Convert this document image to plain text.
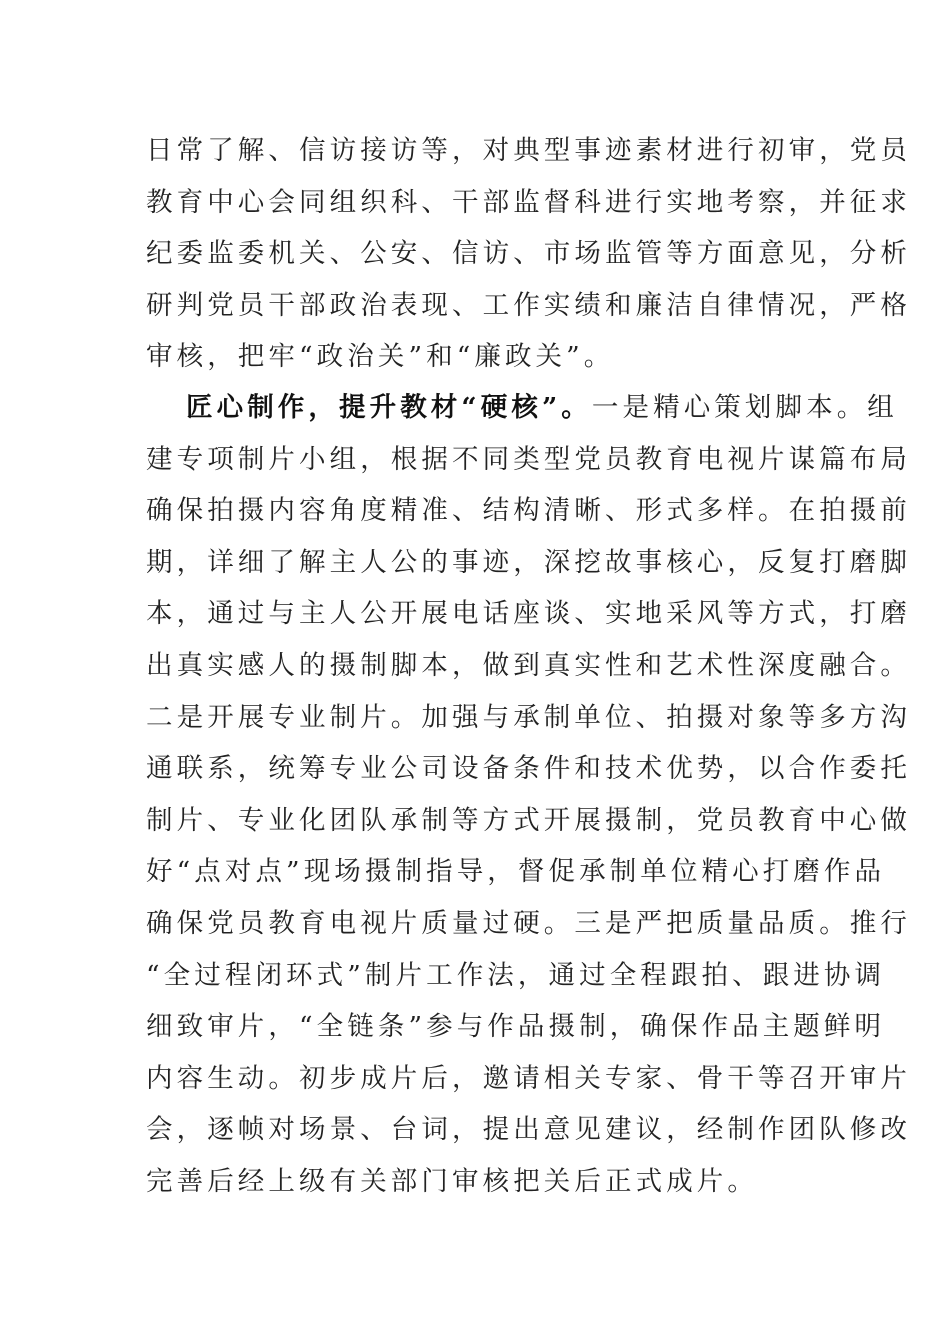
日常了解、信访接访等，对典型事迹素材进行初审，党员
教育中心会同组织科、干部监督科进行实地考察，并征求
纪委监委机关、公安、信访、市场监管等方面意见，分析
研判党员干部政治表现、工作实绩和廉洁自律情况，严格
审核，把牢“政治关”和“廉政关”。
匠心制作，提升教材“硬核”。一是精心策划脚本。组
建专项制片小组，根据不同类型党员教育电视片谋篇布局
确保拍摄内容角度精准、结构清晰、形式多样。在拍摄前
期，详细了解主人公的事迹，深挖故事核心，反复打磨脚
本，通过与主人公开展电话座谈、实地采风等方式，打磨
出真实感人的摄制脚本，做到真实性和艺术性深度融合。
二是开展专业制片。加强与承制单位、拍摄对象等多方沟
通联系，统筹专业公司设备条件和技术优势，以合作委托
制片、专业化团队承制等方式开展摄制，党员教育中心做
好“点对点”现场摄制指导，督促承制单位精心打磨作品
确保党员教育电视片质量过硬。三是严把质量品质。推行
“全过程闭环式”制片工作法，通过全程跟拍、跟进协调
细致审片，“全链条”参与作品摄制，确保作品主题鲜明
内容生动。初步成片后，邀请相关专家、骨干等召开审片
会，逐帧对场景、台词，提出意见建议，经制作团队修改
完善后经上级有关部门审核把关后正式成片。
